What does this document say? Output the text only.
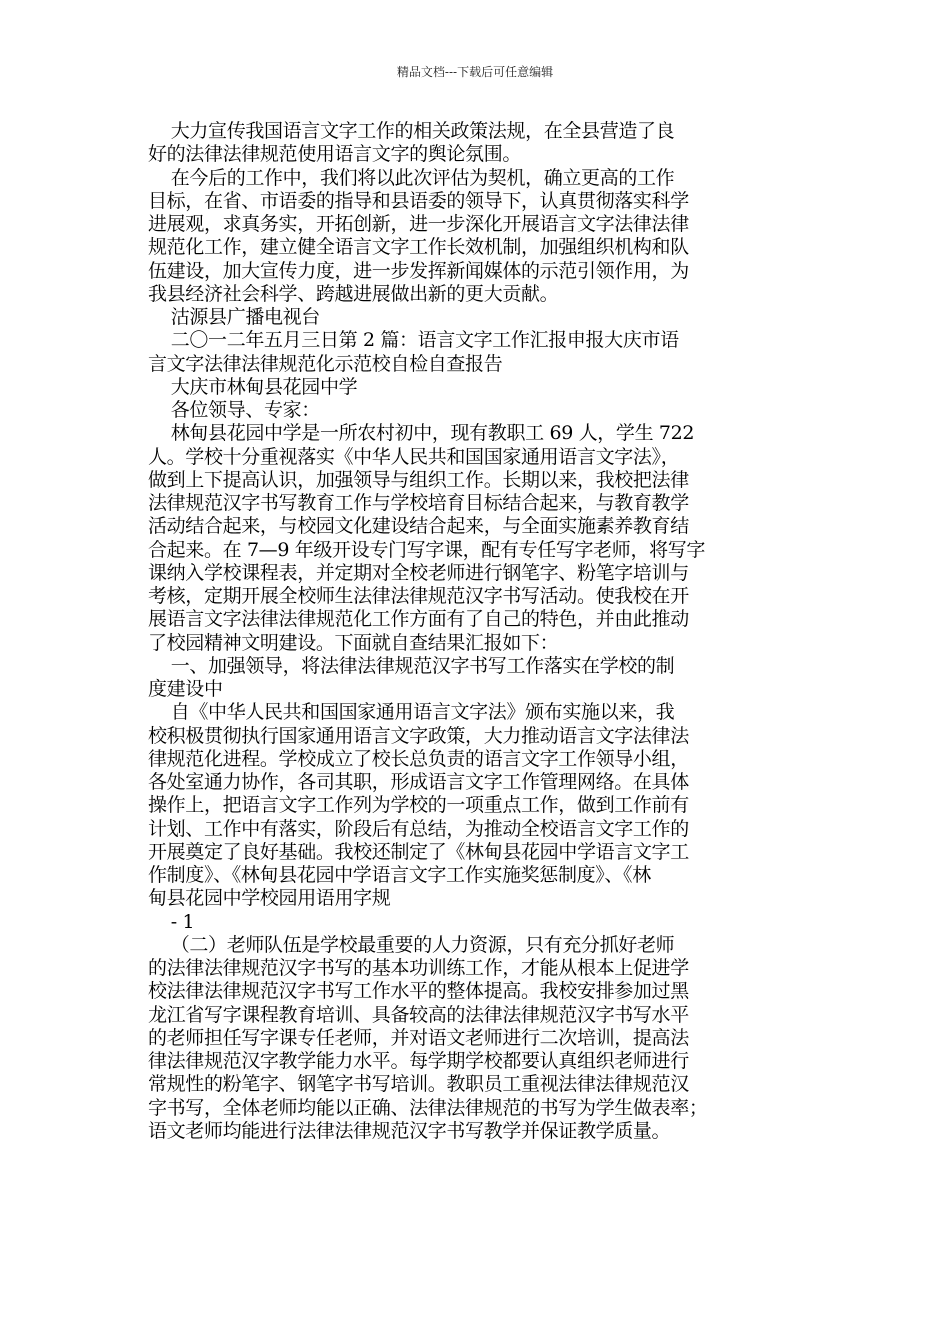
精品文档---下载后可任意编辑
大力宣传我国语言文字工作的相关政策法规，在全县营造了良
好的法律法律规范使用语言文字的舆论氛围。
在今后的工作中，我们将以此次评估为契机，确立更高的工作
目标，在省、市语委的指导和县语委的领导下，认真贯彻落实科学
进展观，求真务实，开拓创新，进一步深化开展语言文字法律法律
规范化工作，建立健全语言文字工作长效机制，加强组织机构和队
伍建设，加大宣传力度，进一步发挥新闻媒体的示范引领作用，为
我县经济社会科学、跨越进展做出新的更大贡献。
沽源县广播电视台
二〇一二年五月三日第 2 篇：语言文字工作汇报申报大庆市语
言文字法律法律规范化示范校自检自查报告
大庆市林甸县花园中学
各位领导、专家：
林甸县花园中学是一所农村初中，现有教职工 69 人，学生 722
人。学校十分重视落实《中华人民共和国国家通用语言文字法》，
做到上下提高认识，加强领导与组织工作。长期以来，我校把法律
法律规范汉字书写教育工作与学校培育目标结合起来，与教育教学
活动结合起来，与校园文化建设结合起来，与全面实施素养教育结
合起来。在 7—9 年级开设专门写字课，配有专任写字老师，将写字
课纳入学校课程表，并定期对全校老师进行钢笔字、粉笔字培训与
考核，定期开展全校师生法律法律规范汉字书写活动。使我校在开
展语言文字法律法律规范化工作方面有了自己的特色，并由此推动
了校园精神文明建设。下面就自查结果汇报如下：
一、加强领导，将法律法律规范汉字书写工作落实在学校的制
度建设中
自《中华人民共和国国家通用语言文字法》颁布实施以来，我
校积极贯彻执行国家通用语言文字政策，大力推动语言文字法律法
律规范化进程。学校成立了校长总负责的语言文字工作领导小组，
各处室通力协作，各司其职，形成语言文字工作管理网络。在具体
操作上，把语言文字工作列为学校的一项重点工作，做到工作前有
计划、工作中有落实，阶段后有总结，为推动全校语言文字工作的
开展奠定了良好基础。我校还制定了《林甸县花园中学语言文字工
作制度》、《林甸县花园中学语言文字工作实施奖惩制度》、《林
甸县花园中学校园用语用字规
- 1
（二）老师队伍是学校最重要的人力资源，只有充分抓好老师
的法律法律规范汉字书写的基本功训练工作，才能从根本上促进学
校法律法律规范汉字书写工作水平的整体提高。我校安排参加过黑
龙江省写字课程教育培训、具备较高的法律法律规范汉字书写水平
的老师担任写字课专任老师，并对语文老师进行二次培训，提高法
律法律规范汉字教学能力水平。每学期学校都要认真组织老师进行
常规性的粉笔字、钢笔字书写培训。教职员工重视法律法律规范汉
字书写，全体老师均能以正确、法律法律规范的书写为学生做表率；
语文老师均能进行法律法律规范汉字书写教学并保证教学质量。
